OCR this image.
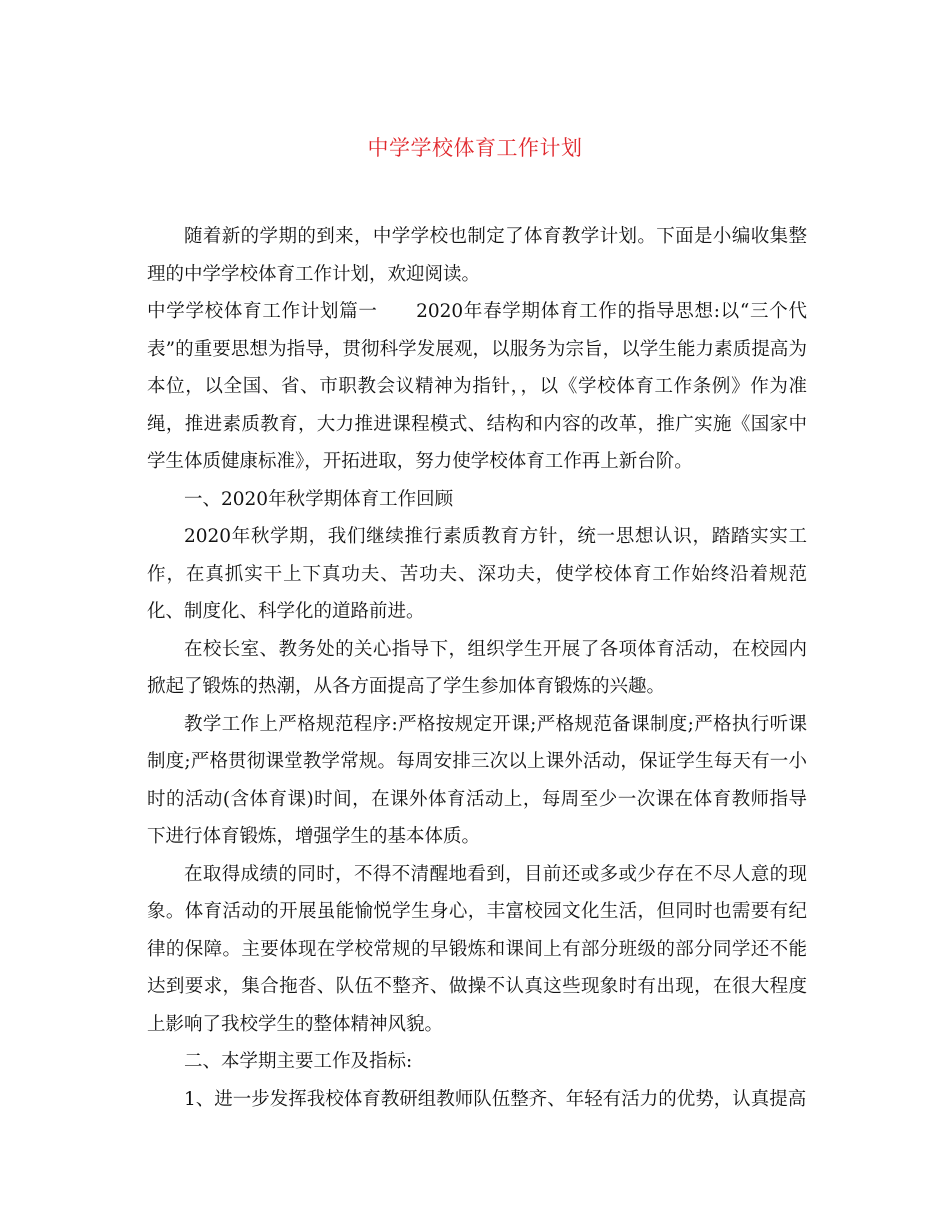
中学学校体育工作计划

随着新的学期的到来，中学学校也制定了体育教学计划。下面是小编收集整理的中学学校体育工作计划，欢迎阅读。

中学学校体育工作计划篇一　　2020年春学期体育工作的指导思想:以“三个代表”的重要思想为指导，贯彻科学发展观，以服务为宗旨，以学生能力素质提高为本位，以全国、省、市职教会议精神为指针，，以《学校体育工作条例》作为准绳，推进素质教育，大力推进课程模式、结构和内容的改革，推广实施《国家中学生体质健康标准》，开拓进取，努力使学校体育工作再上新台阶。

一、2020年秋学期体育工作回顾

2020年秋学期，我们继续推行素质教育方针，统一思想认识，踏踏实实工作，在真抓实干上下真功夫、苦功夫、深功夫，使学校体育工作始终沿着规范化、制度化、科学化的道路前进。

在校长室、教务处的关心指导下，组织学生开展了各项体育活动，在校园内掀起了锻炼的热潮，从各方面提高了学生参加体育锻炼的兴趣。

教学工作上严格规范程序:严格按规定开课;严格规范备课制度;严格执行听课制度;严格贯彻课堂教学常规。每周安排三次以上课外活动，保证学生每天有一小时的活动(含体育课)时间，在课外体育活动上，每周至少一次课在体育教师指导下进行体育锻炼，增强学生的基本体质。

在取得成绩的同时，不得不清醒地看到，目前还或多或少存在不尽人意的现象。体育活动的开展虽能愉悦学生身心，丰富校园文化生活，但同时也需要有纪律的保障。主要体现在学校常规的早锻炼和课间上有部分班级的部分同学还不能达到要求，集合拖沓、队伍不整齐、做操不认真这些现象时有出现，在很大程度上影响了我校学生的整体精神风貌。

二、本学期主要工作及指标:

1、进一步发挥我校体育教研组教师队伍整齐、年轻有活力的优势，认真提高
